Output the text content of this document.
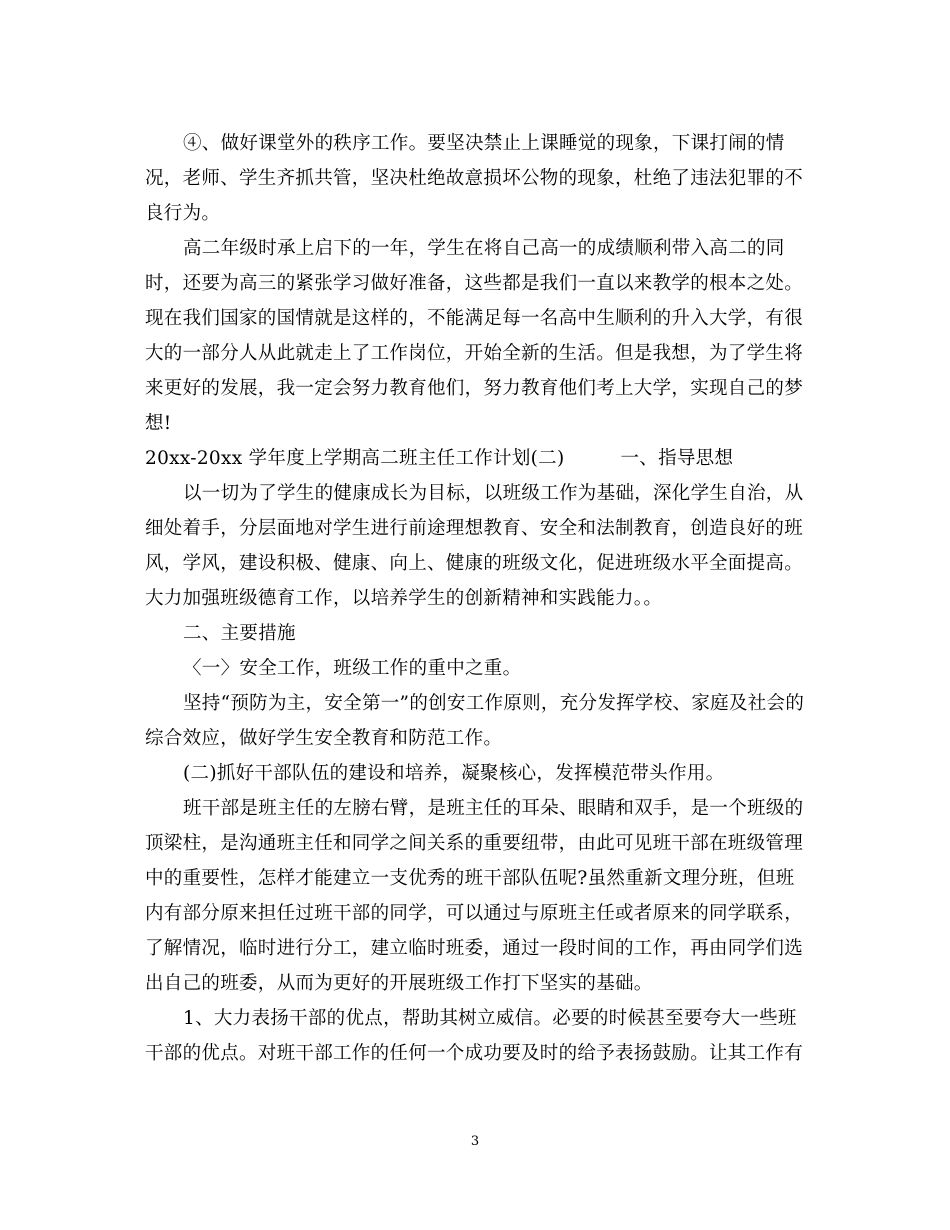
④、做好课堂外的秩序工作。要坚决禁止上课睡觉的现象，下课打闹的情
况，老师、学生齐抓共管，坚决杜绝故意损坏公物的现象，杜绝了违法犯罪的不
良行为。
高二年级时承上启下的一年，学生在将自己高一的成绩顺利带入高二的同
时，还要为高三的紧张学习做好准备，这些都是我们一直以来教学的根本之处。
现在我们国家的国情就是这样的，不能满足每一名高中生顺利的升入大学，有很
大的一部分人从此就走上了工作岗位，开始全新的生活。但是我想，为了学生将
来更好的发展，我一定会努力教育他们，努力教育他们考上大学，实现自己的梦
想!
20xx-20xx 学年度上学期高二班主任工作计划(二)	一、指导思想
以一切为了学生的健康成长为目标，以班级工作为基础，深化学生自治，从
细处着手，分层面地对学生进行前途理想教育、安全和法制教育，创造良好的班
风，学风，建设积极、健康、向上、健康的班级文化，促进班级水平全面提高。
大力加强班级德育工作，以培养学生的创新精神和实践能力。。
二、主要措施
〈一〉安全工作，班级工作的重中之重。
坚持“预防为主，安全第一”的创安工作原则，充分发挥学校、家庭及社会的
综合效应，做好学生安全教育和防范工作。
(二)抓好干部队伍的建设和培养，凝聚核心，发挥模范带头作用。
班干部是班主任的左膀右臂，是班主任的耳朵、眼睛和双手，是一个班级的
顶梁柱，是沟通班主任和同学之间关系的重要纽带，由此可见班干部在班级管理
中的重要性，怎样才能建立一支优秀的班干部队伍呢?虽然重新文理分班，但班
内有部分原来担任过班干部的同学，可以通过与原班主任或者原来的同学联系，
了解情况，临时进行分工，建立临时班委，通过一段时间的工作，再由同学们选
出自己的班委，从而为更好的开展班级工作打下坚实的基础。
1、大力表扬干部的优点，帮助其树立威信。必要的时候甚至要夸大一些班
干部的优点。对班干部工作的任何一个成功要及时的给予表扬鼓励。让其工作有
3
